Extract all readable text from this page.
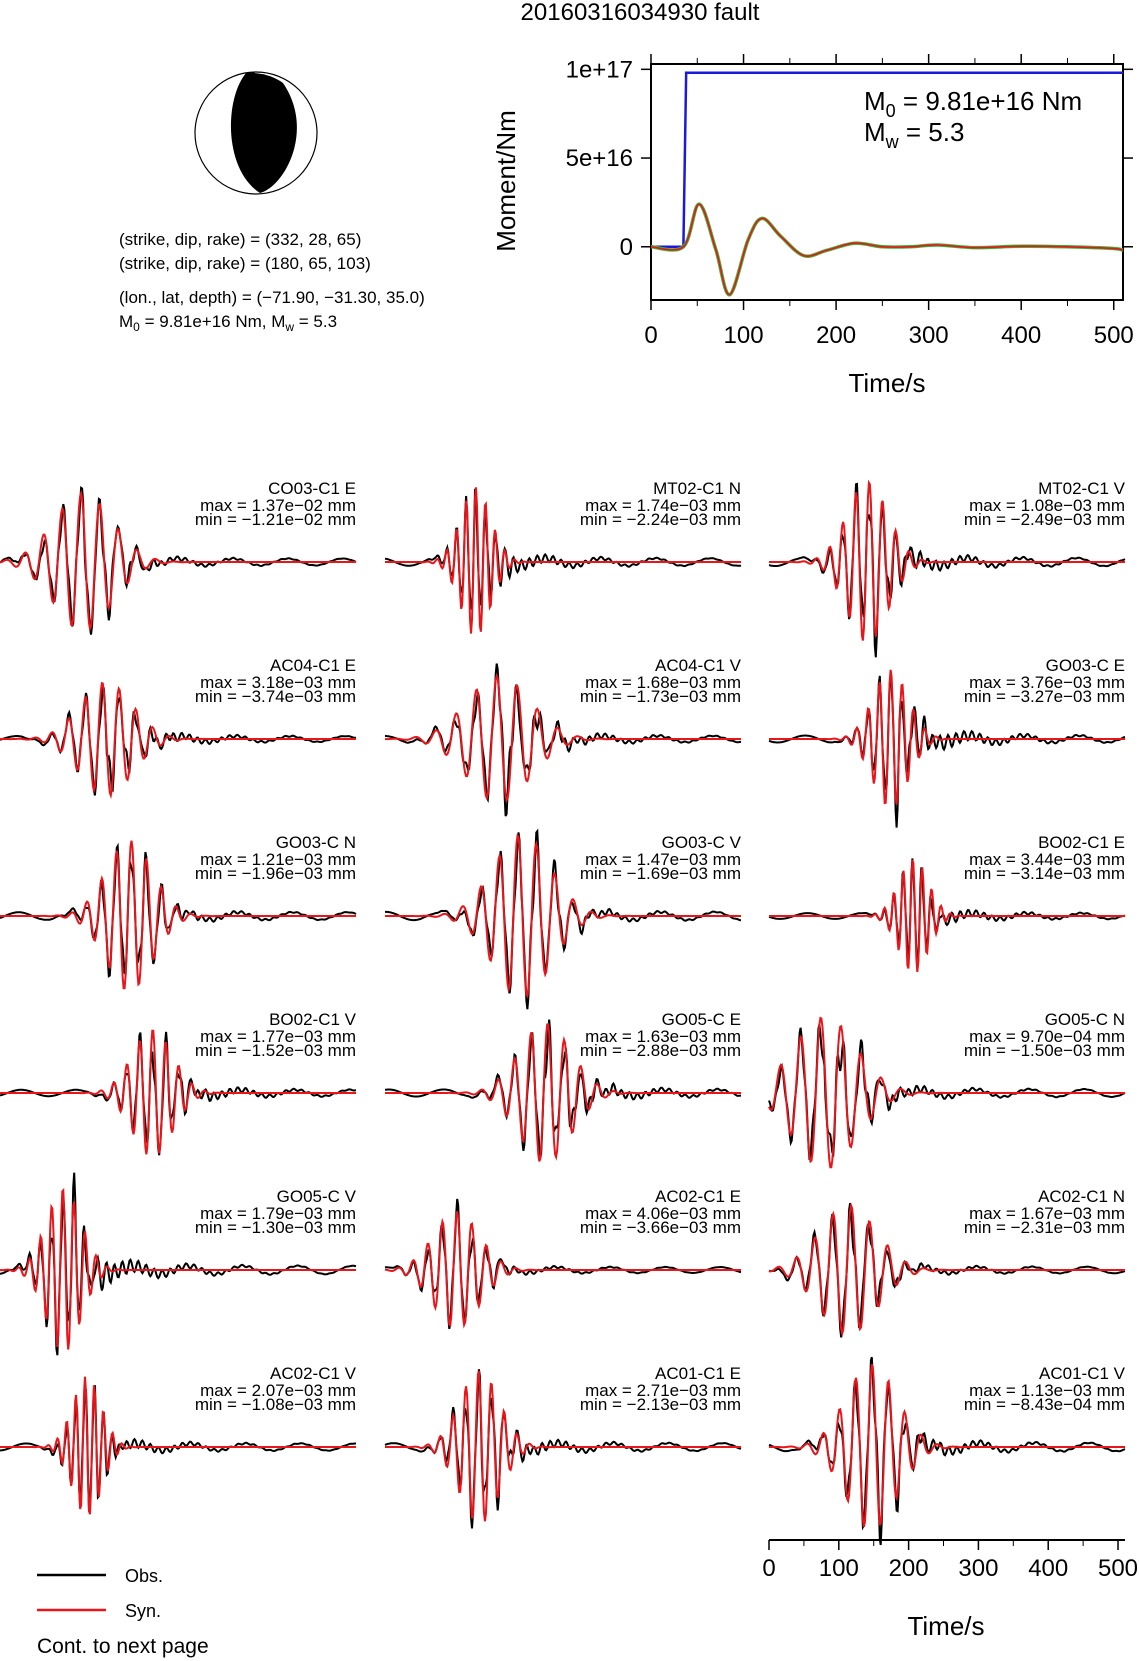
20160316034930 fault
(strike, dip, rake) = (332, 28, 65)
(strike, dip, rake) = (180, 65, 103)
(lon., lat, depth) = (−71.90, −31.30, 35.0)
$M_0 = 9.81e+16$ Nm, $M_w = 5.3$
1e+17
5e+16
0
0	100 200 300 400 500
$M_0 = 9.81e+16$ Nm
$M_w = 5.3$
Moment/Nm
Time/s
CO03-C1 E
max = 1.37e−02 mm
min = −1.21e−02 mm
MT02-C1 N
max = 1.74e−03 mm
min = −2.24e−03 mm
MT02-C1 V
max = 1.08e−03 mm
min = −2.49e−03 mm
AC04-C1 E
max = 3.18e−03 mm
min = −3.74e−03 mm
AC04-C1 V
max = 1.68e−03 mm
min = −1.73e−03 mm
GO03-C E
max = 3.76e−03 mm
min = −3.27e−03 mm
GO03-C N
max = 1.21e−03 mm
min = −1.96e−03 mm
GO03-C V
max = 1.47e−03 mm
min = −1.69e−03 mm
BO02-C1 E
max = 3.44e−03 mm
min = −3.14e−03 mm
BO02-C1 V
max = 1.77e−03 mm
min = −1.52e−03 mm
GO05-C E
max = 1.63e−03 mm
min = −2.88e−03 mm
GO05-C N
max = 9.70e−04 mm
min = −1.50e−03 mm
GO05-C V
max = 1.79e−03 mm
min = −1.30e−03 mm
AC02-C1 E
max = 4.06e−03 mm
min = −3.66e−03 mm
AC02-C1 N
max = 1.67e−03 mm
min = −2.31e−03 mm
AC02-C1 V
max = 2.07e−03 mm
min = −1.08e−03 mm
AC01-C1 E
max = 2.71e−03 mm
min = −2.13e−03 mm
AC01-C1 V
max = 1.13e−03 mm
min = −8.43e−04 mm
0 100 200 300 400 500
Time/s
Obs.
Syn.
Cont. to next page
